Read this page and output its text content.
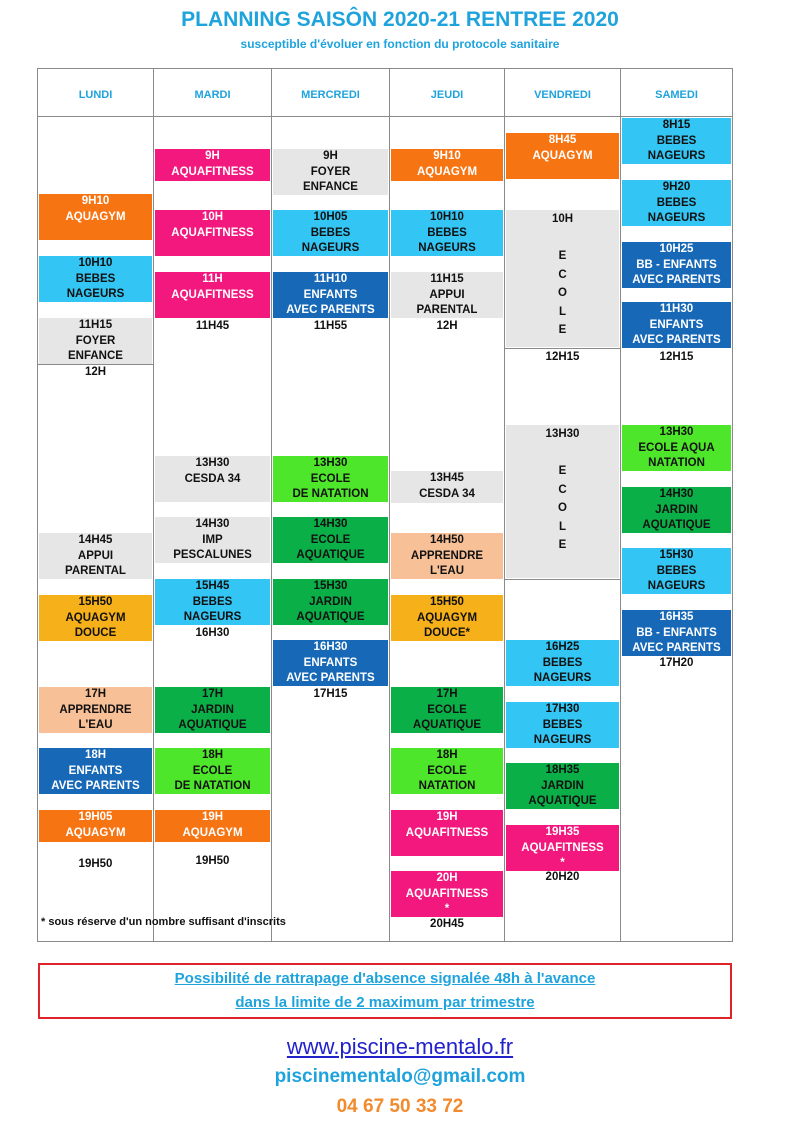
PLANNING SAISÔN 2020-21 RENTREE 2020
susceptible d'évoluer en fonction du protocole sanitaire
LUNDI
9H10
AQUAGYM
10H10
BEBES
NAGEURS
11H15
FOYER
ENFANCE
12H
14H45
APPUI
PARENTAL
15H50
AQUAGYM
DOUCE
17H
APPRENDRE
L'EAU
18H
ENFANTS
AVEC PARENTS
19H05
AQUAGYM
19H50
MARDI
9H
AQUAFITNESS
10H
AQUAFITNESS
11H
AQUAFITNESS
11H45
13H30
CESDA 34
14H30
IMP
PESCALUNES
15H45
BEBES
NAGEURS
16H30
17H
JARDIN
AQUATIQUE
18H
ECOLE
DE NATATION
19H
AQUAGYM
19H50
MERCREDI
9H
FOYER
ENFANCE
10H05
BEBES
NAGEURS
11H10
ENFANTS
AVEC PARENTS
11H55
13H30
ECOLE
DE NATATION
14H30
ECOLE
AQUATIQUE
15H30
JARDIN
AQUATIQUE
16H30
ENFANTS
AVEC PARENTS
17H15
JEUDI
9H10
AQUAGYM
10H10
BEBES
NAGEURS
11H15
APPUI
PARENTAL
12H
13H45
CESDA 34
14H50
APPRENDRE
L'EAU
15H50
AQUAGYM
DOUCE*
17H
ECOLE
AQUATIQUE
18H
ECOLE
NATATION
19H
AQUAFITNESS
20H
AQUAFITNESS
*
20H45
VENDREDI
8H45
AQUAGYM
10H

E
C
O
L
E
12H15
13H30

E
C
O
L
E
16H25
BEBES
NAGEURS
17H30
BEBES
NAGEURS
18H35
JARDIN
AQUATIQUE
19H35
AQUAFITNESS
*
20H20
SAMEDI
8H15
BEBES
NAGEURS
9H20
BEBES
NAGEURS
10H25
BB - ENFANTS
AVEC PARENTS
11H30
ENFANTS
AVEC PARENTS
12H15
13H30
ECOLE AQUA
NATATION
14H30
JARDIN
AQUATIQUE
15H30
BEBES
NAGEURS
16H35
BB - ENFANTS
AVEC PARENTS
17H20
* sous réserve d'un nombre suffisant d'inscrits
Possibilité de rattrapage d'absence signalée 48h à l'avance
dans la limite de 2 maximum par trimestre
www.piscine-mentalo.fr
piscinementalo@gmail.com
04 67 50 33 72
